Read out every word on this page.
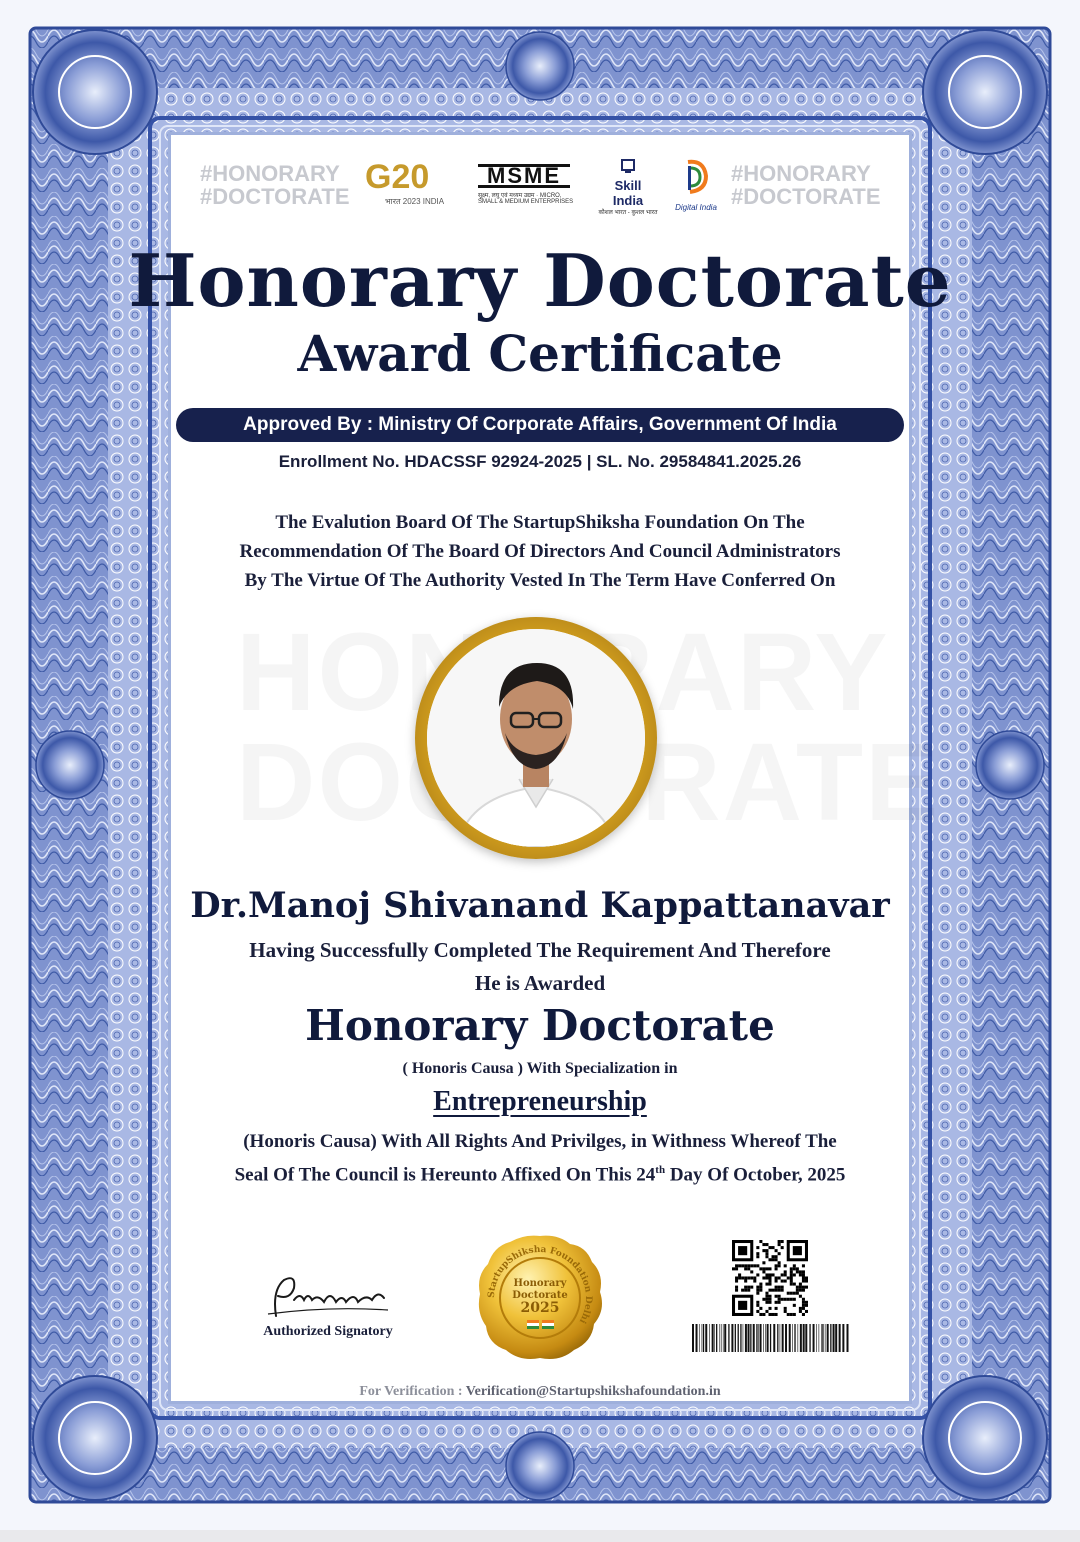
#HONORARY
#DOCTORATE
G20
भारत 2023 INDIA
MSME
सूक्ष्म, लघु एवं मध्यम उद्यम · MICRO, SMALL & MEDIUM ENTERPRISES
Skill India
कौशल भारत - कुशल भारत
Digital India
#HONORARY
#DOCTORATE
Honorary Doctorate
Award Certificate
Approved By : Ministry Of Corporate Affairs, Government Of India
Enrollment No. HDACSSF 92924-2025 | SL. No. 29584841.2025.26
The Evalution Board Of The StartupShiksha Foundation On The
Recommendation Of The Board Of Directors And Council Administrators
By The Virtue Of The Authority Vested In The Term Have Conferred On
Dr.Manoj Shivanand Kappattanavar
Having Successfully Completed The Requirement And Therefore
He is Awarded
Honorary Doctorate
( Honoris Causa ) With Specialization in
Entrepreneurship
(Honoris Causa) With All Rights And Privilges, in Withness Whereof The
Seal Of The Council is Hereunto Affixed On This 24th Day Of October, 2025
Authorized Signatory
StartupShiksha Foundation Delhi
Honorary
Doctorate
2025
For Verification : Verification@Startupshikshafoundation.in
